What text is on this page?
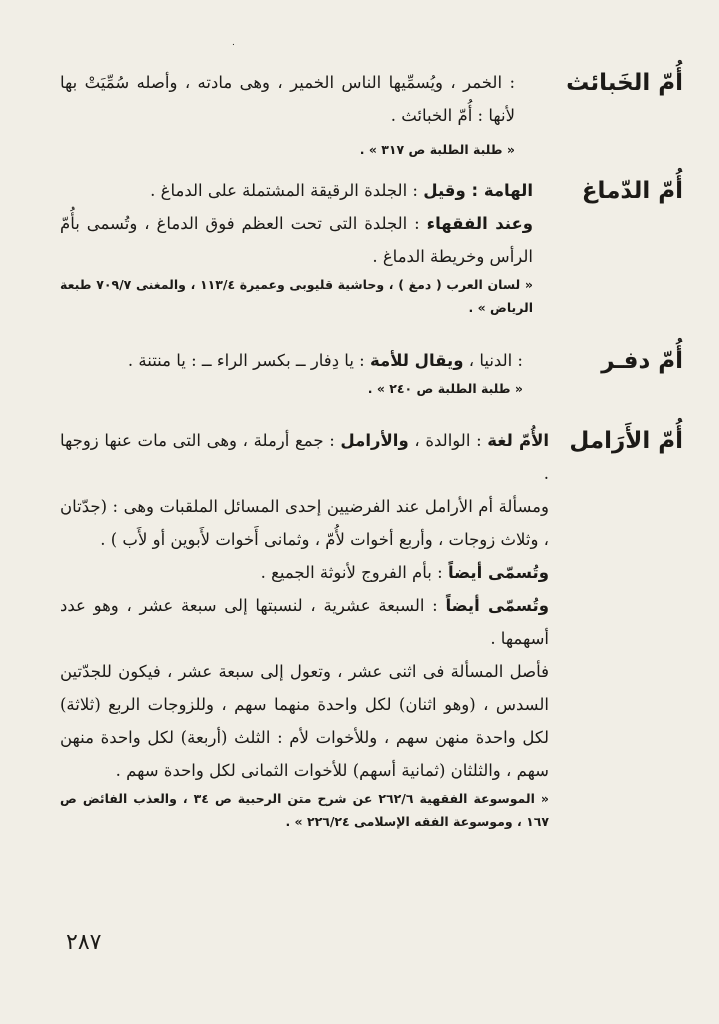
٠
أُمّ الخَبائث

: الخمر ، ويُسمِّيها الناس الخمير ، وهى مادته ، وأصله سُمِّيَتْ بها لأنها : أُمّ الخبائث .

« طلبة الطلبة ص ٣١٧ » .

أُمّ الدّماغ

الهامة : وقيل : الجلدة الرقيقة المشتملة على الدماغ .

وعند الفقهاء : الجلدة التى تحت العظم فوق الدماغ ، وتُسمى بأُمّ الرأس وخريطة الدماغ .

« لسان العرب ( دمغ ) ، وحاشية قليوبى وعميرة ١١٣/٤ ، والمغنى ٧٠٩/٧ طبعة الرياض » .

أُمّ دفـر

: الدنيا ، ويقال للأمة : يا دِفار ــ بكسر الراء ــ : يا منتنة .

« طلبة الطلبة ص ٢٤٠ » .

أُمّ الأَرَامل

الأُمّ لغة : الوالدة ، والأرامل : جمع أرملة ، وهى التى مات عنها زوجها .

ومسألة أم الأرامل عند الفرضيين إحدى المسائل الملقبات وهى : (جدّتان ، وثلاث زوجات ، وأربع أخوات لأُمّ ، وثمانى أَخوات لأَبوين أو لأَب ) .

وتُسمّى أيضاً : بأم الفروج لأنوثة الجميع .

وتُسمّى أيضاً : السبعة عشرية ، لنسبتها إلى سبعة عشر ، وهو عدد أسهمها .

فأصل المسألة فى اثنى عشر ، وتعول إلى سبعة عشر ، فيكون للجدّتين السدس ، (وهو اثنان) لكل واحدة منهما سهم ، وللزوجات الربع (ثلاثة) لكل واحدة منهن سهم ، وللأخوات لأم : الثلث (أربعة) لكل واحدة منهن سهم ، والثلثان (ثمانية أسهم) للأخوات الثمانى لكل واحدة سهم .

« الموسوعة الفقهية ٢٦٢/٦ عن شرح متن الرحبية ص ٣٤ ، والعذب الفائض ص ١٦٧ ، وموسوعة الفقه الإسلامى ٢٢٦/٢٤ » .

٢٨٧
